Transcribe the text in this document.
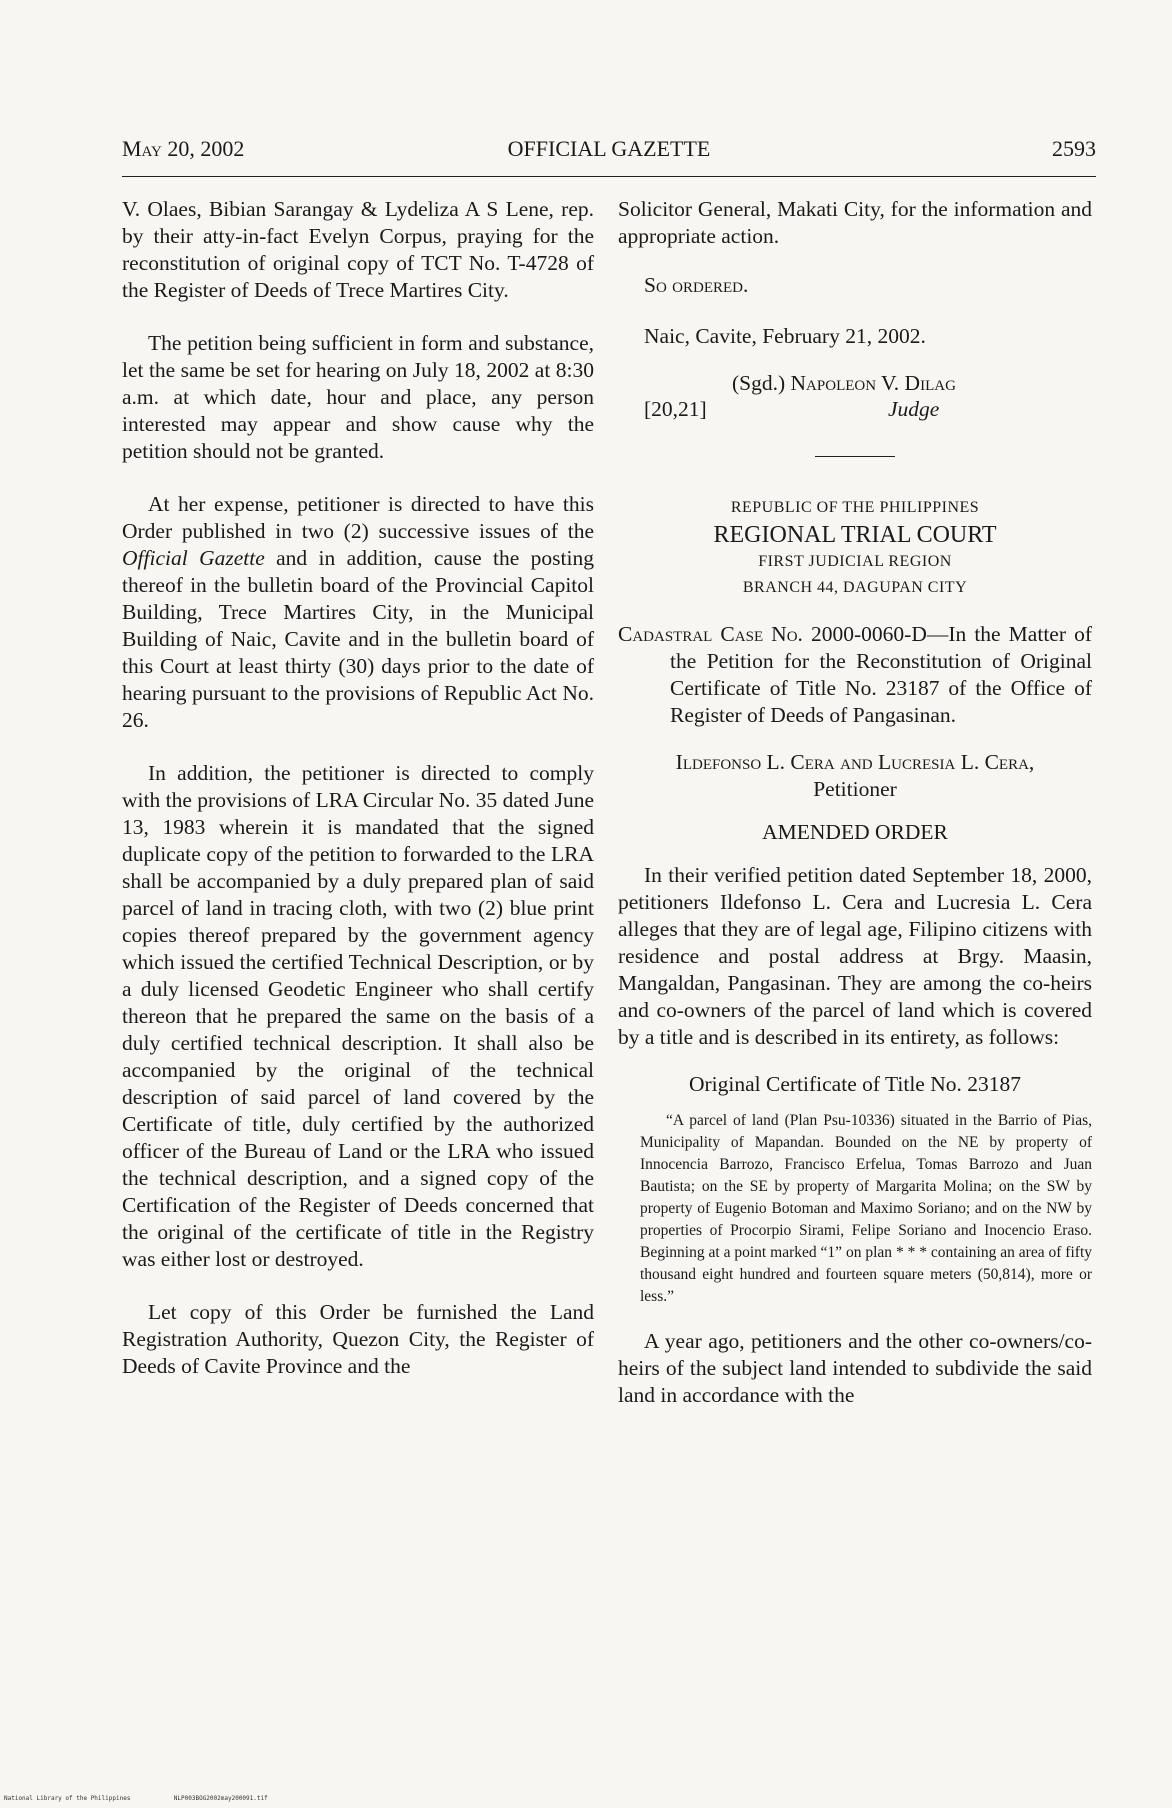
May 20, 2002	OFFICIAL GAZETTE	2593

V. Olaes, Bibian Sarangay & Lydeliza A S Lene, rep. by their atty-in-fact Evelyn Corpus, praying for the reconstitution of original copy of TCT No. T-4728 of the Register of Deeds of Trece Martires City.

The petition being sufficient in form and substance, let the same be set for hearing on July 18, 2002 at 8:30 a.m. at which date, hour and place, any person interested may appear and show cause why the petition should not be granted.

At her expense, petitioner is directed to have this Order published in two (2) successive issues of the Official Gazette and in addition, cause the posting thereof in the bulletin board of the Provincial Capitol Building, Trece Martires City, in the Municipal Building of Naic, Cavite and in the bulletin board of this Court at least thirty (30) days prior to the date of hearing pursuant to the provisions of Republic Act No. 26.

In addition, the petitioner is directed to comply with the provisions of LRA Circular No. 35 dated June 13, 1983 wherein it is mandated that the signed duplicate copy of the petition to forwarded to the LRA shall be accompanied by a duly prepared plan of said parcel of land in tracing cloth, with two (2) blue print copies thereof prepared by the government agency which issued the certified Technical Description, or by a duly licensed Geodetic Engineer who shall certify thereon that he prepared the same on the basis of a duly certified technical description. It shall also be accompanied by the original of the technical description of said parcel of land covered by the Certificate of title, duly certified by the authorized officer of the Bureau of Land or the LRA who issued the technical description, and a signed copy of the Certification of the Register of Deeds concerned that the original of the certificate of title in the Registry was either lost or destroyed.

Let copy of this Order be furnished the Land Registration Authority, Quezon City, the Register of Deeds of Cavite Province and the

Solicitor General, Makati City, for the information and appropriate action.

So ordered.

Naic, Cavite, February 21, 2002.

(Sgd.) Napoleon V. Dilag
[20,21]	Judge
REPUBLIC OF THE PHILIPPINES
REGIONAL TRIAL COURT
FIRST JUDICIAL REGION
BRANCH 44, DAGUPAN CITY

Cadastral Case No. 2000-0060-D—In the Matter of the Petition for the Reconstitution of Original Certificate of Title No. 23187 of the Office of Register of Deeds of Pangasinan.

Ildefonso L. Cera and Lucresia L. Cera,
Petitioner
AMENDED ORDER

In their verified petition dated September 18, 2000, petitioners Ildefonso L. Cera and Lucresia L. Cera alleges that they are of legal age, Filipino citizens with residence and postal address at Brgy. Maasin, Mangaldan, Pangasinan. They are among the co-heirs and co-owners of the parcel of land which is covered by a title and is described in its entirety, as follows:

Original Certificate of Title No. 23187

“A parcel of land (Plan Psu-10336) situated in the Barrio of Pias, Municipality of Mapandan. Bounded on the NE by property of Innocencia Barrozo, Francisco Erfelua, Tomas Barrozo and Juan Bautista; on the SE by property of Margarita Molina; on the SW by property of Eugenio Botoman and Maximo Soriano; and on the NW by properties of Procorpio Sirami, Felipe Soriano and Inocencio Eraso. Beginning at a point marked “1” on plan * * * containing an area of fifty thousand eight hundred and fourteen square meters (50,814), more or less.”

A year ago, petitioners and the other co-owners/co-heirs of the subject land intended to subdivide the said land in accordance with the

National Library of the Philippines	NLP003BOG2002may200091.tif
